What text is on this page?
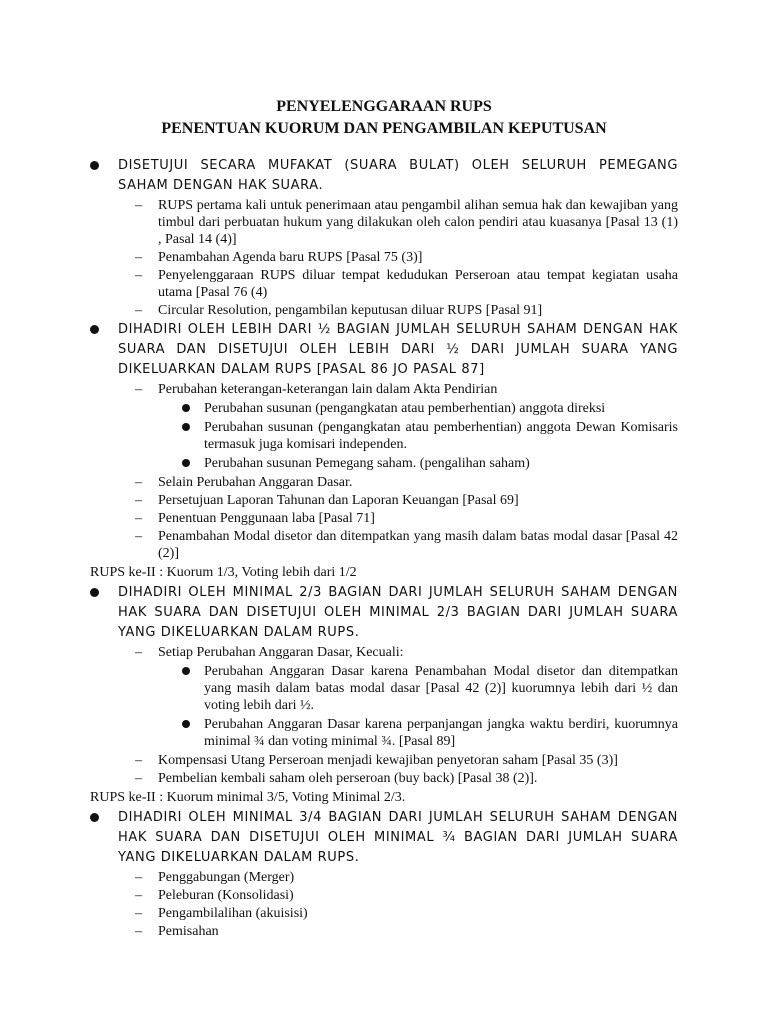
PENYELENGGARAAN RUPS

PENENTUAN KUORUM DAN PENGAMBILAN KEPUTUSAN

DISETUJUI SECARA MUFAKAT (SUARA BULAT) OLEH SELURUH PEMEGANG SAHAM DENGAN HAK SUARA.
– RUPS pertama kali untuk penerimaan atau pengambil alihan semua hak dan kewajiban yang timbul dari perbuatan hukum yang dilakukan oleh calon pendiri atau kuasanya [Pasal 13 (1) , Pasal 14 (4)]
– Penambahan Agenda baru RUPS [Pasal 75 (3)]
– Penyelenggaraan RUPS diluar tempat kedudukan Perseroan atau tempat kegiatan usaha utama [Pasal 76 (4)
– Circular Resolution, pengambilan keputusan diluar RUPS [Pasal 91]
DIHADIRI OLEH LEBIH DARI ½ BAGIAN JUMLAH SELURUH SAHAM DENGAN HAK SUARA DAN DISETUJUI OLEH LEBIH DARI ½ DARI JUMLAH SUARA YANG DIKELUARKAN DALAM RUPS [PASAL 86 JO PASAL 87]
– Perubahan keterangan-keterangan lain dalam Akta Pendirian
Perubahan susunan (pengangkatan atau pemberhentian) anggota direksi
Perubahan susunan (pengangkatan atau pemberhentian) anggota Dewan Komisaris termasuk juga komisari independen.
Perubahan susunan Pemegang saham. (pengalihan saham)
– Selain Perubahan Anggaran Dasar.
– Persetujuan Laporan Tahunan dan Laporan Keuangan [Pasal 69]
– Penentuan Penggunaan laba [Pasal 71]
– Penambahan Modal disetor dan ditempatkan yang masih dalam batas modal dasar [Pasal 42 (2)]
RUPS ke-II : Kuorum 1/3, Voting lebih dari 1/2
DIHADIRI OLEH MINIMAL 2/3 BAGIAN DARI JUMLAH SELURUH SAHAM DENGAN HAK SUARA DAN DISETUJUI OLEH MINIMAL 2/3 BAGIAN DARI JUMLAH SUARA YANG DIKELUARKAN DALAM RUPS.
– Setiap Perubahan Anggaran Dasar, Kecuali:
Perubahan Anggaran Dasar karena Penambahan Modal disetor dan ditempatkan yang masih dalam batas modal dasar [Pasal 42 (2)] kuorumnya lebih dari ½ dan voting lebih dari ½.
Perubahan Anggaran Dasar karena perpanjangan jangka waktu berdiri, kuorumnya minimal ¾ dan voting minimal ¾. [Pasal 89]
– Kompensasi Utang Perseroan menjadi kewajiban penyetoran saham [Pasal 35 (3)]
– Pembelian kembali saham oleh perseroan (buy back) [Pasal 38 (2)].
RUPS ke-II : Kuorum minimal 3/5, Voting Minimal 2/3.
DIHADIRI OLEH MINIMAL 3/4 BAGIAN DARI JUMLAH SELURUH SAHAM DENGAN HAK SUARA DAN DISETUJUI OLEH MINIMAL ¾ BAGIAN DARI JUMLAH SUARA YANG DIKELUARKAN DALAM RUPS.
– Penggabungan (Merger)
– Peleburan (Konsolidasi)
– Pengambilalihan (akuisisi)
– Pemisahan
